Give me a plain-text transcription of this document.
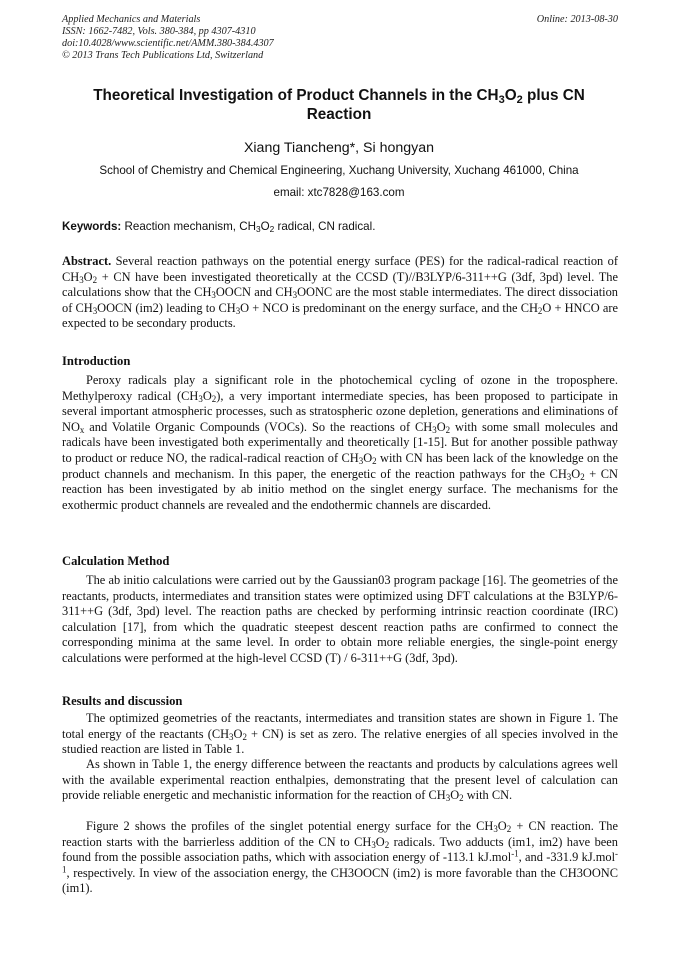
Applied Mechanics and Materials
ISSN: 1662-7482, Vols. 380-384, pp 4307-4310
doi:10.4028/www.scientific.net/AMM.380-384.4307
© 2013 Trans Tech Publications Ltd, Switzerland
Online: 2013-08-30
Theoretical Investigation of Product Channels in the $CH_3O_2$ plus CN Reaction
Xiang Tiancheng*, Si hongyan
School of Chemistry and Chemical Engineering, Xuchang University, Xuchang 461000, China
email: xtc7828@163.com
Keywords: Reaction mechanism, $CH_3O_2$ radical, CN radical.
Abstract. Several reaction pathways on the potential energy surface (PES) for the radical-radical reaction of $CH_3O_2$ + CN have been investigated theoretically at the CCSD (T)//B3LYP/6-311++G (3df, 3pd) level. The calculations show that the $CH_3OOCN$ and $CH_3OONC$ are the most stable intermediates. The direct dissociation of $CH_3OOCN$ (im2) leading to $CH_3O$ + NCO is predominant on the energy surface, and the $CH_2O$ + HNCO are expected to be secondary products.
Introduction
Peroxy radicals play a significant role in the photochemical cycling of ozone in the troposphere. Methylperoxy radical $(CH_3O_2)$, a very important intermediate species, has been proposed to participate in several important atmospheric processes, such as stratospheric ozone depletion, generations and eliminations of $NO_x$ and Volatile Organic Compounds (VOCs). So the reactions of $CH_3O_2$ with some small molecules and radicals have been investigated both experimentally and theoretically [1-15]. But for another possible pathway to product or reduce NO, the radical-radical reaction of $CH_3O_2$ with CN has been lack of the knowledge on the product channels and mechanism. In this paper, the energetic of the reaction pathways for the $CH_3O_2$ + CN reaction has been investigated by ab initio method on the singlet energy surface. The mechanisms for the exothermic product channels are revealed and the endothermic channels are discarded.
Calculation Method
The ab initio calculations were carried out by the Gaussian03 program package [16]. The geometries of the reactants, products, intermediates and transition states were optimized using DFT calculations at the B3LYP/6-311++G (3df, 3pd) level. The reaction paths are checked by performing intrinsic reaction coordinate (IRC) calculation [17], from which the quadratic steepest descent reaction paths are confirmed to connect the corresponding minima at the same level. In order to obtain more reliable energies, the single-point energy calculations were performed at the high-level CCSD (T) / 6-311++G (3df, 3pd).
Results and discussion
The optimized geometries of the reactants, intermediates and transition states are shown in Figure 1. The total energy of the reactants $(CH_3O_2 + CN)$ is set as zero. The relative energies of all species involved in the studied reaction are listed in Table 1.
As shown in Table 1, the energy difference between the reactants and products by calculations agrees well with the available experimental reaction enthalpies, demonstrating that the present level of calculation can provide reliable energetic and mechanistic information for the reaction of $CH_3O_2$ with CN.
Figure 2 shows the profiles of the singlet potential energy surface for the $CH_3O_2$ + CN reaction. The reaction starts with the barrierless addition of the CN to $CH_3O_2$ radicals. Two adducts (im1, im2) have been found from the possible association paths, which with association energy of -113.1 kJ.mol$^{-1}$, and -331.9 kJ.mol$^{-1}$, respectively. In view of the association energy, the CH3OOCN (im2) is more favorable than the CH3OONC (im1).
